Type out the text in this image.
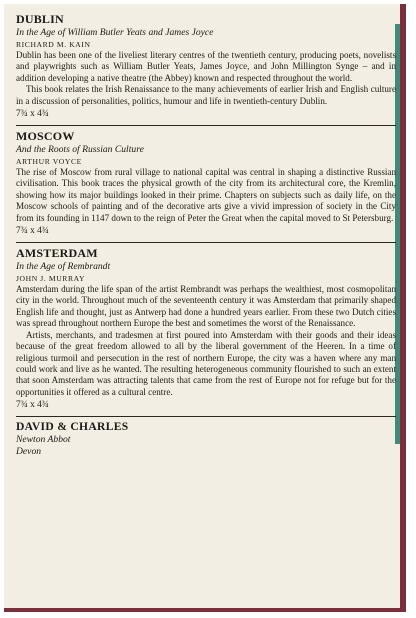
DUBLIN

In the Age of William Butler Yeats and James Joyce

RICHARD M. KAIN

Dublin has been one of the liveliest literary centres of the twentieth century, producing poets, novelists and playwrights such as William Butler Yeats, James Joyce, and John Millington Synge – and in addition developing a native theatre (the Abbey) known and respected throughout the world.

This book relates the Irish Renaissance to the many achievements of earlier Irish and English culture in a discussion of personalities, politics, humour and life in twentieth-century Dublin.

7¾ x 4¾

MOSCOW

And the Roots of Russian Culture

ARTHUR VOYCE

The rise of Moscow from rural village to national capital was central in shaping a distinctive Russian civilisation. This book traces the physical growth of the city from its architectural core, the Kremlin, showing how its major buildings looked in their prime. Chapters on subjects such as daily life, on the Moscow schools of painting and of the decorative arts give a vivid impression of society in the City from its founding in 1147 down to the reign of Peter the Great when the capital moved to St Petersburg.

7¾ x 4¾

AMSTERDAM

In the Age of Rembrandt

JOHN J. MURRAY

Amsterdam during the life span of the artist Rembrandt was perhaps the wealthiest, most cosmopolitan city in the world. Throughout much of the seventeenth century it was Amsterdam that primarily shaped English life and thought, just as Antwerp had done a hundred years earlier. From these two Dutch cities was spread throughout northern Europe the best and sometimes the worst of the Renaissance.

Artists, merchants, and tradesmen at first poured into Amsterdam with their goods and their ideas because of the great freedom allowed to all by the liberal government of the Heeren. In a time of religious turmoil and persecution in the rest of northern Europe, the city was a haven where any man could work and live as he wanted. The resulting heterogeneous community flourished to such an extent that soon Amsterdam was attracting talents that came from the rest of Europe not for refuge but for the opportunities it offered as a cultural centre.

7¾ x 4¾

DAVID & CHARLES

Newton Abbot

Devon
